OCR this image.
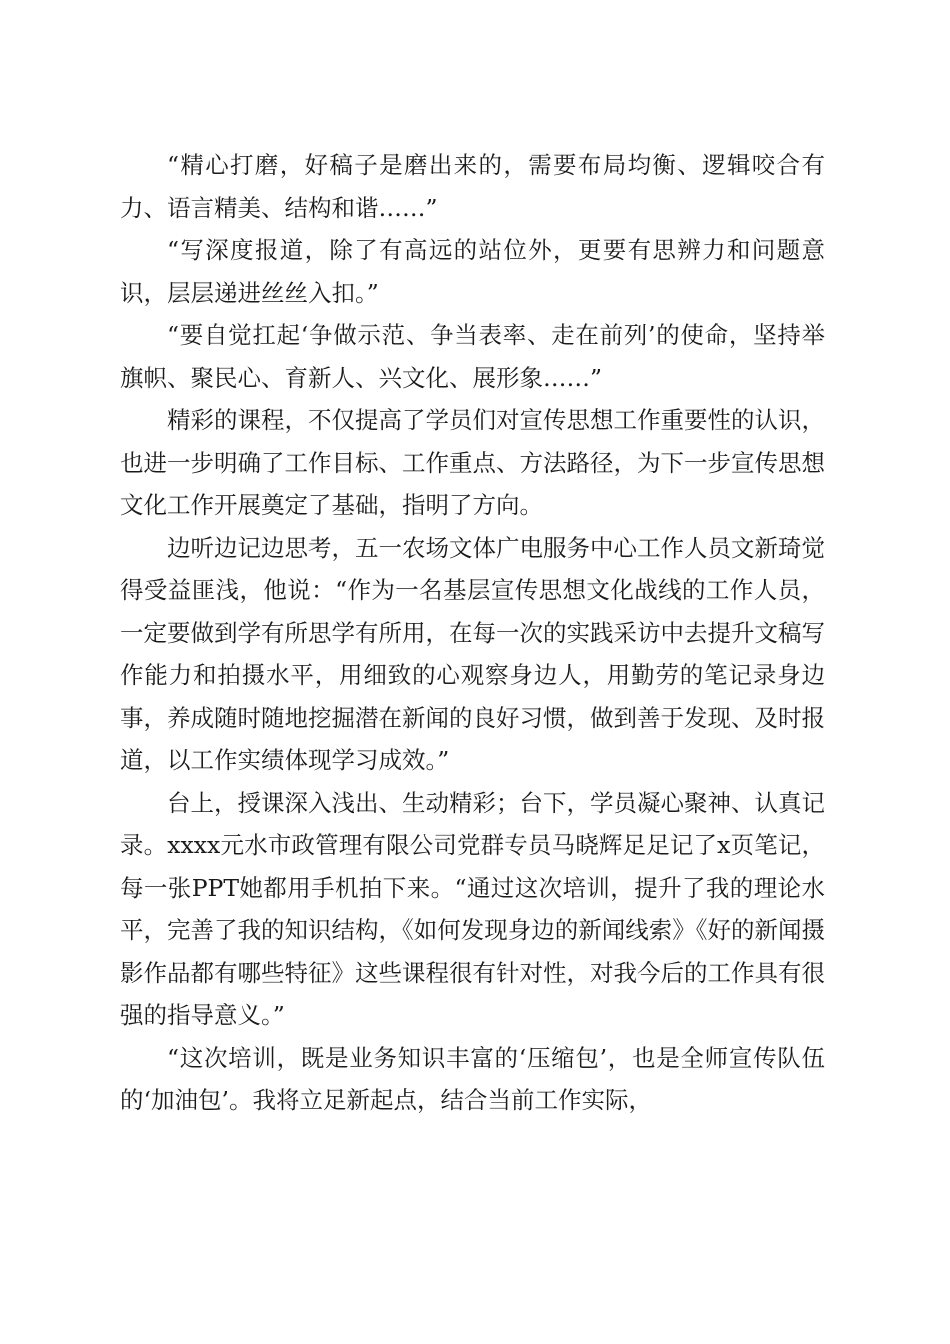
“精心打磨，好稿子是磨出来的，需要布局均衡、逻辑咬合有力、语言精美、结构和谐……”

“写深度报道，除了有高远的站位外，更要有思辨力和问题意识，层层递进丝丝入扣。”

“要自觉扛起‘争做示范、争当表率、走在前列’的使命，坚持举旗帜、聚民心、育新人、兴文化、展形象……”

精彩的课程，不仅提高了学员们对宣传思想工作重要性的认识，也进一步明确了工作目标、工作重点、方法路径，为下一步宣传思想文化工作开展奠定了基础，指明了方向。

边听边记边思考，五一农场文体广电服务中心工作人员文新琦觉得受益匪浅，他说：“作为一名基层宣传思想文化战线的工作人员，一定要做到学有所思学有所用，在每一次的实践采访中去提升文稿写作能力和拍摄水平，用细致的心观察身边人，用勤劳的笔记录身边事，养成随时随地挖掘潜在新闻的良好习惯，做到善于发现、及时报道，以工作实绩体现学习成效。”

台上，授课深入浅出、生动精彩；台下，学员凝心聚神、认真记录。xxxx元水市政管理有限公司党群专员马晓辉足足记了x页笔记，每一张PPT她都用手机拍下来。“通过这次培训，提升了我的理论水平，完善了我的知识结构，《如何发现身边的新闻线索》《好的新闻摄影作品都有哪些特征》这些课程很有针对性，对我今后的工作具有很强的指导意义。”

“这次培训，既是业务知识丰富的‘压缩包’，也是全师宣传队伍的‘加油包’。我将立足新起点，结合当前工作实际，
